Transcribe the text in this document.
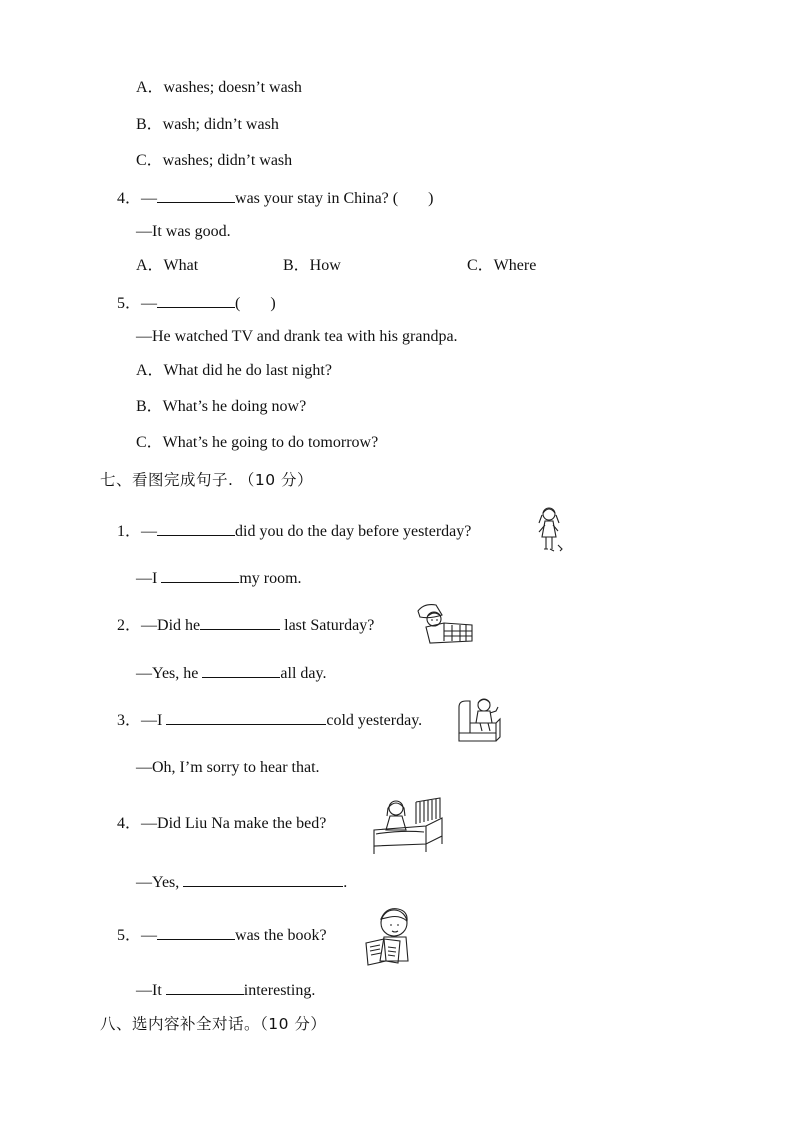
A．washes; doesn’t wash
B．wash; didn’t wash
C．washes; didn’t wash
4．—	was your stay in China? ( )
—It was good.
A．What	B．How	C．Where
5．—	( )
—He watched TV and drank tea with his grandpa.
A．What did he do last night?
B．What’s he doing now?
C．What’s he going to do tomorrow?
七、看图完成句子. （10 分）
1．—	did you do the day before yesterday?
—I	my room.
2．—Did he	last Saturday?
—Yes, he	all day.
3．—I	cold yesterday.
—Oh, I’m sorry to hear that.
4．—Did Liu Na make the bed?
—Yes,	.
5．—	was the book?
—It	interesting.
八、选内容补全对话。（10 分）
